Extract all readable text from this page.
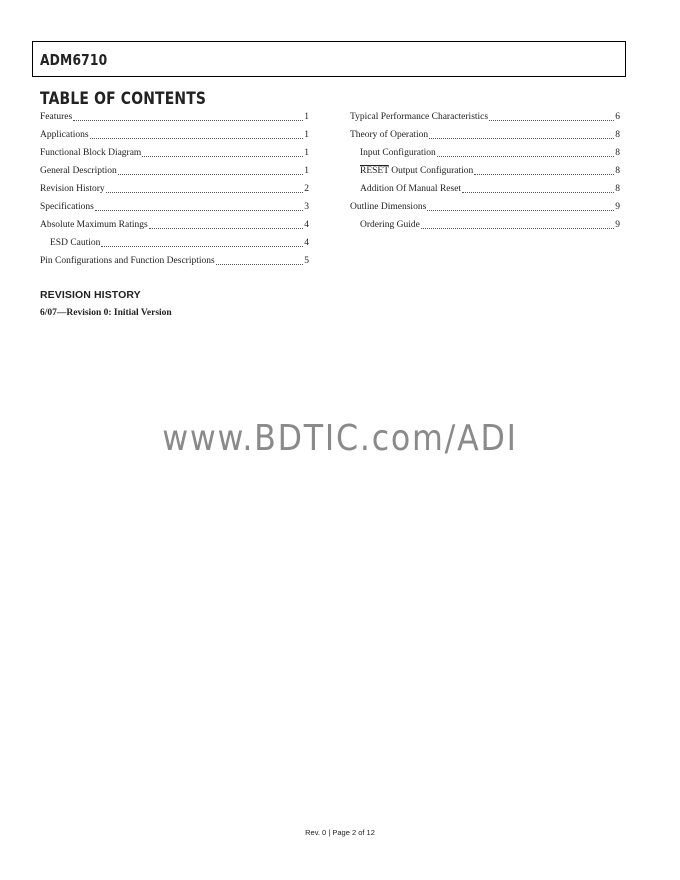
ADM6710
TABLE OF CONTENTS
Features	1
Applications	1
Functional Block Diagram	1
General Description	1
Revision History	2
Specifications	3
Absolute Maximum Ratings	4
ESD Caution	4
Pin Configurations and Function Descriptions	5
Typical Performance Characteristics	6
Theory of Operation	8
Input Configuration	8
RESET Output Configuration	8
Addition Of Manual Reset	8
Outline Dimensions	9
Ordering Guide	9
REVISION HISTORY
6/07—Revision 0: Initial Version
www.BDTIC.com/ADI
Rev. 0 | Page 2 of 12
